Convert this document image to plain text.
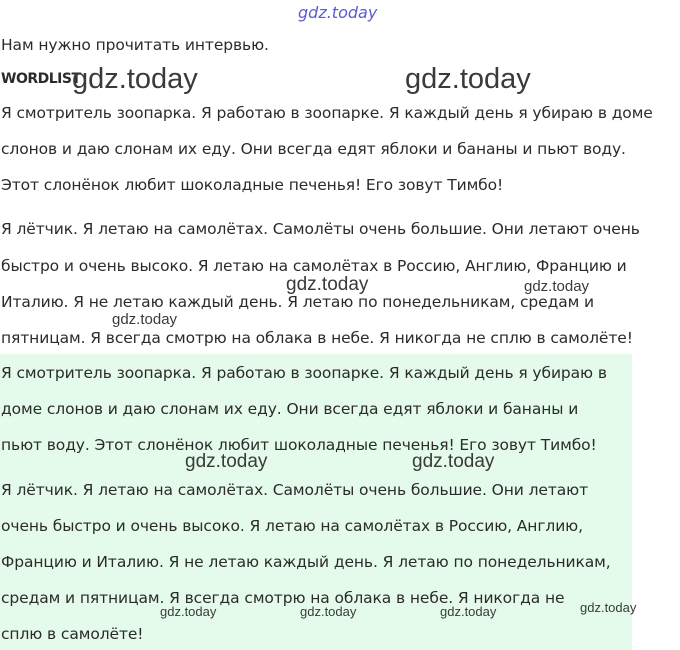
gdz.today
Нам нужно прочитать интервью.
WORDLIST
gdz.today	gdz.today
Я смотритель зоопарка. Я работаю в зоопарке. Я каждый день я убираю в доме
слонов и даю слонам их еду. Они всегда едят яблоки и бананы и пьют воду.
Этот слонёнок любит шоколадные печенья! Его зовут Тимбо!
Я лётчик. Я летаю на самолётах. Самолёты очень большие. Они летают очень
быстро и очень высоко. Я летаю на самолётах в Россию, Англию, Францию и
Италию. Я не летаю каждый день. Я летаю по понедельникам, средам и
пятницам. Я всегда смотрю на облака в небе. Я никогда не сплю в самолёте!
gdz.today	gdz.today
gdz.today
Я смотритель зоопарка. Я работаю в зоопарке. Я каждый день я убираю в
доме слонов и даю слонам их еду. Они всегда едят яблоки и бананы и
пьют воду. Этот слонёнок любит шоколадные печенья! Его зовут Тимбо!
Я лётчик. Я летаю на самолётах. Самолёты очень большие. Они летают
очень быстро и очень высоко. Я летаю на самолётах в Россию, Англию,
Францию и Италию. Я не летаю каждый день. Я летаю по понедельникам,
средам и пятницам. Я всегда смотрю на облака в небе. Я никогда не
сплю в самолёте!
gdz.today	gdz.today
gdz.today	gdz.today	gdz.today	gdz.today
